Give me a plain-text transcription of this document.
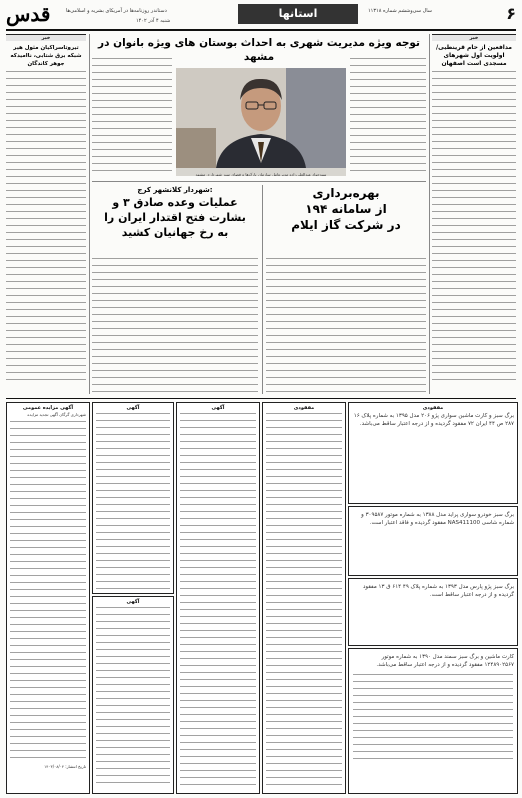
قدس	دستاندر روزنامه‌ها در آمریکای بشریه و اسلامی‌ها
شنبه ۴ آذر ۱۴۰۲
استانها	سال سی‌وششم شماره ۱۱۳۱۸	۶
خبر
مدافعین از حام قرینطیی/ اولویت اول شهرهای مسجدی است اصفهان
خبر
تیروتاسراکیان مثول هیر شبکه برق شتابی، ناامیدکه جوهر کاندگان
توجه ویژه مدیریت شهری به احداث بوستان های ویژه بانوان در مشهد
سیدجواد عبدالعلی‌زاده مدیرعامل سازمان پارک‌ها و فضای سبز شهرداری مشهد
شهردار کلانشهر کرج:
عملیات وعده صادق ۳ و
بشارت فتح اقتدار ایران را
به رخ جهانیان کشید
بهره‌برداری
از سامانه ۱۹۴
در شرکت گاز ایلام
آگهی مزایده عمومی
شهرداری گرگان آگهی تجدید مزایده
تاریخ انتشار: ۱۴۰۳/۰۸/۰۴
آگهی
آگهی
آگهی	مفقودی	مفقودی
برگ سبز و کارت ماشین سواری پژو ۲۰۶ مدل ۱۳۹۵ به شماره پلاک ۱۶ ۲۸۷ ص ۴۴ ایران ۷۲ مفقود گردیده و از درجه اعتبار ساقط می‌باشد.
برگ سبز خودرو سواری پراید مدل ۱۳۸۸ به شماره موتور ۳۰۹۵۸۷ و شماره شاسی NAS411100 مفقود گردیده و فاقد اعتبار است.
برگ سبز پژو پارس مدل ۱۳۹۳ به شماره پلاک ۴۹ ۶۱۴ ق ۱۳ مفقود گردیده و از درجه اعتبار ساقط است.
کارت ماشین و برگ سبز سمند مدل ۱۳۹۰ به شماره موتور ۱۲۴۸۹۰۲۵۶۷ مفقود گردیده و از درجه اعتبار ساقط می‌باشد.
